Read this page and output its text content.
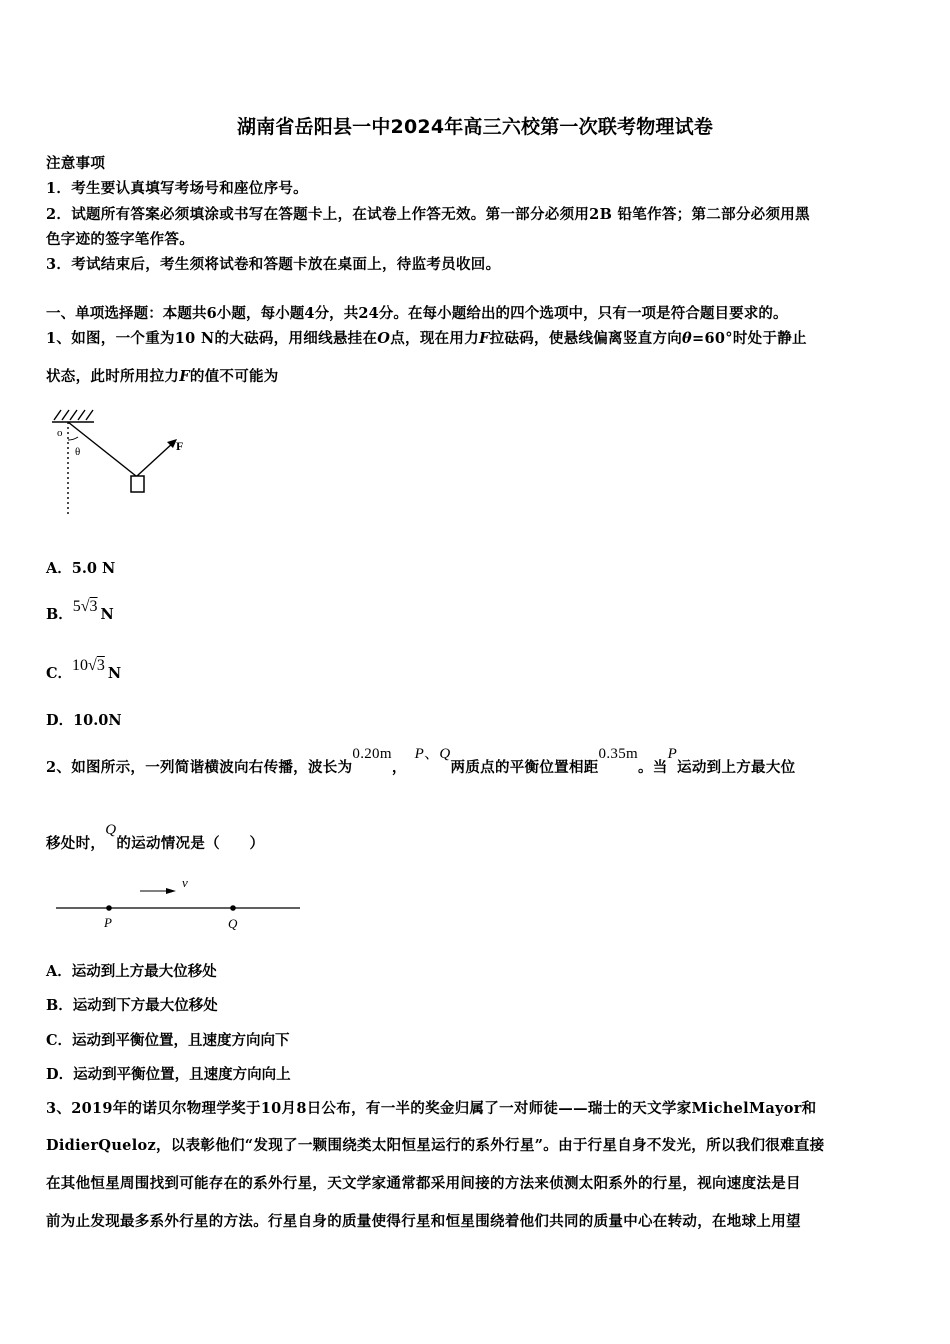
湖南省岳阳县一中2024年高三六校第一次联考物理试卷
注意事项
1．考生要认真填写考场号和座位序号。
2．试题所有答案必须填涂或书写在答题卡上，在试卷上作答无效。第一部分必须用2B 铅笔作答；第二部分必须用黑
色字迹的签字笔作答。
3．考试结束后，考生须将试卷和答题卡放在桌面上，待监考员收回。
一、单项选择题：本题共6小题，每小题4分，共24分。在每小题给出的四个选项中，只有一项是符合题目要求的。
1、如图，一个重为10 N的大砝码，用细线悬挂在O点，现在用力F拉砝码，使悬线偏离竖直方向θ=60°时处于静止
状态，此时所用拉力F的值不可能为
o
θ	F
A．5.0 N
B．5√3 N
C．10√3 N
D．10.0N
2、如图所示，一列简谐横波向右传播，波长为0.20m，P、Q两质点的平衡位置相距0.35m。当P运动到上方最大位
移处时，Q的运动情况是（　　）
v
P	Q
A．运动到上方最大位移处
B．运动到下方最大位移处
C．运动到平衡位置，且速度方向向下
D．运动到平衡位置，且速度方向向上
3、2019年的诺贝尔物理学奖于10月8日公布，有一半的奖金归属了一对师徒——瑞士的天文学家MichelMayor和
DidierQueloz，以表彰他们“发现了一颗围绕类太阳恒星运行的系外行星”。由于行星自身不发光，所以我们很难直接
在其他恒星周围找到可能存在的系外行星，天文学家通常都采用间接的方法来侦测太阳系外的行星，视向速度法是目
前为止发现最多系外行星的方法。行星自身的质量使得行星和恒星围绕着他们共同的质量中心在转动，在地球上用望
